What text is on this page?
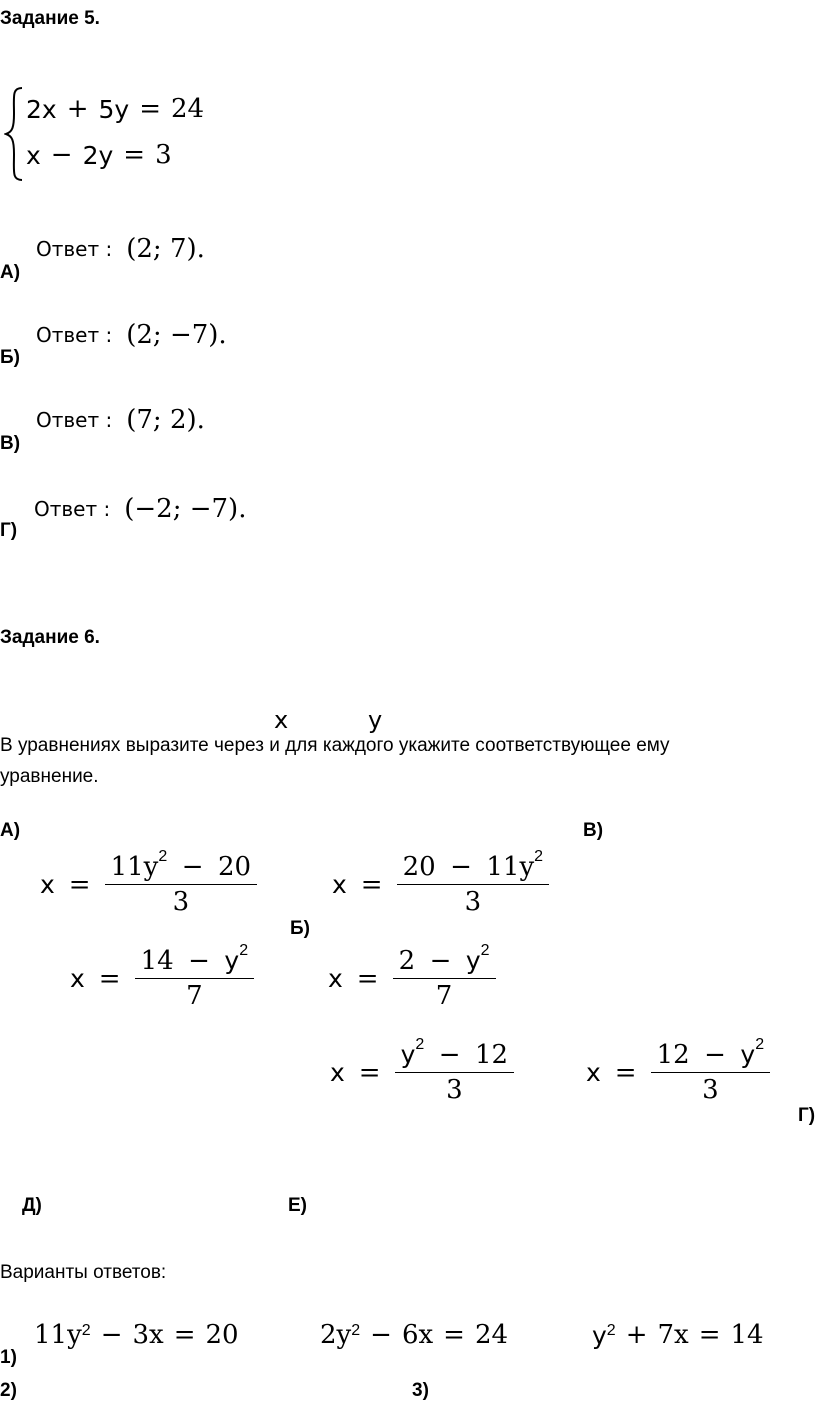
Задание 5.
2x + 5y = 24
x − 2y = 3
А)
Ответ : (2; 7).
Б)
Ответ : (2; −7).
В)
Ответ : (7; 2).
Г)
Ответ : (−2; −7).
Задание 6.
x	y
В уравнениях выразите через и для каждого укажите соответствующее ему
уравнение.
А)	В)
Б)
Г)
Д)	Е)
$x = \frac{11y^2 - 20}{3}$	$x = \frac{20 - 11y^2}{3}$
$x = \frac{14 - y^2}{7}$	$x = \frac{2 - y^2}{7}$
$x = \frac{y^2 - 12}{3}$	$x = \frac{12 - y^2}{3}$
Варианты ответов:
$11y^2 - 3x = 20$	$2y^2 - 6x = 24$	$y^2 + 7x = 14$
1)
2)	3)
